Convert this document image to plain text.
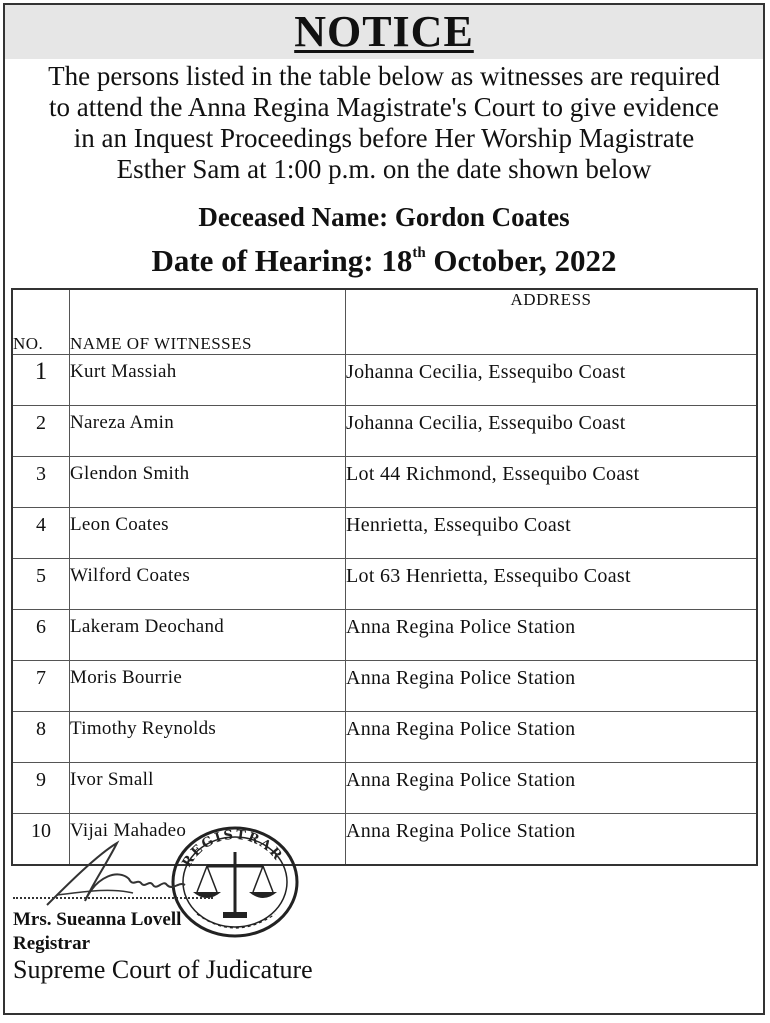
NOTICE
The persons listed in the table below as witnesses are required
to attend the Anna Regina Magistrate's Court to give evidence
in an Inquest Proceedings before Her Worship Magistrate
Esther Sam at 1:00 p.m. on the date shown below
Deceased Name: Gordon Coates
Date of Hearing: 18th October, 2022
NO.	NAME OF WITNESSES	ADDRESS
1	Kurt Massiah	Johanna Cecilia, Essequibo Coast
2	Nareza Amin	Johanna Cecilia, Essequibo Coast
3	Glendon Smith	Lot 44 Richmond, Essequibo Coast
4	Leon Coates	Henrietta, Essequibo Coast
5	Wilford Coates	Lot 63 Henrietta, Essequibo Coast
6	Lakeram Deochand	Anna Regina Police Station
7	Moris Bourrie	Anna Regina Police Station
8	Timothy Reynolds	Anna Regina Police Station
9	Ivor Small	Anna Regina Police Station
10	Vijai Mahadeo	Anna Regina Police Station
REGISTRAR
Mrs. Sueanna Lovell
Registrar
Supreme Court of Judicature
